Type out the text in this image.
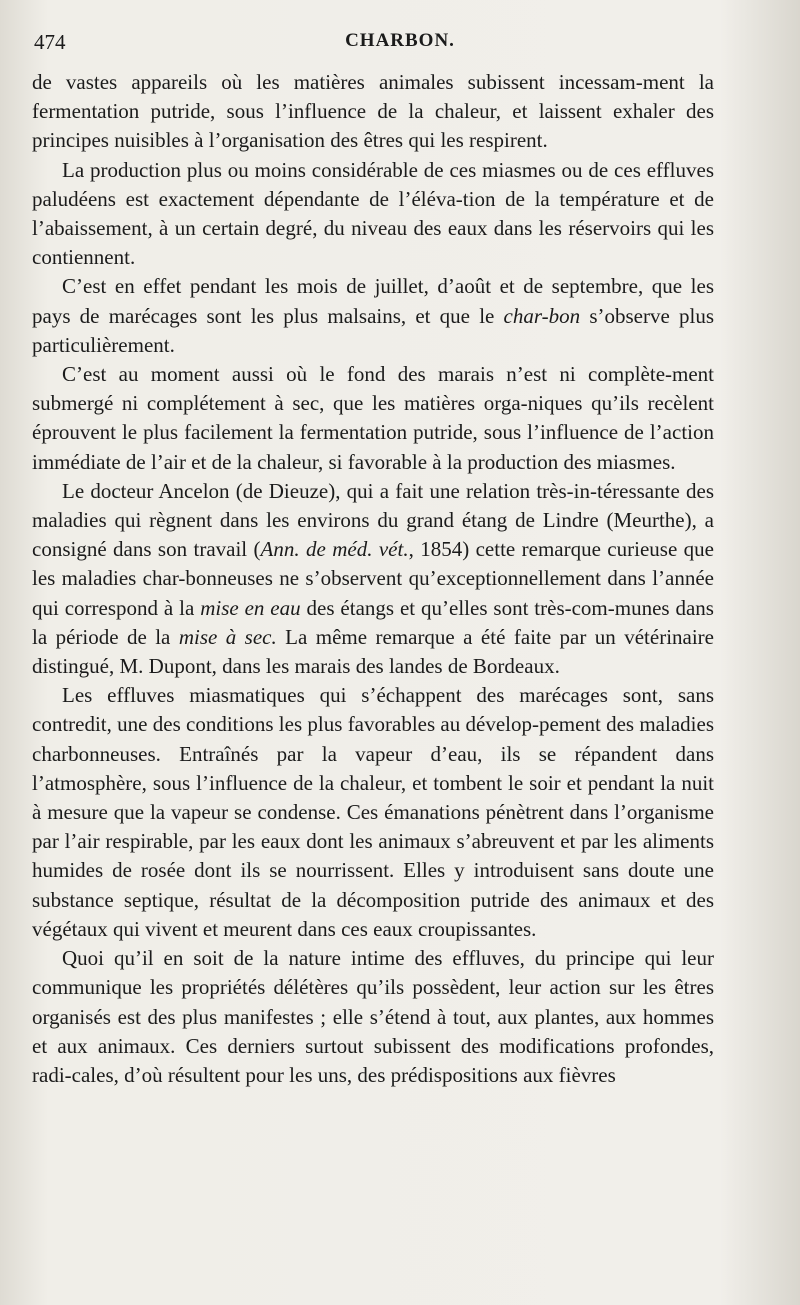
474	CHARBON.

de vastes appareils où les matières animales subissent incessam-ment la fermentation putride, sous l’influence de la chaleur, et laissent exhaler des principes nuisibles à l’organisation des êtres qui les respirent.

La production plus ou moins considérable de ces miasmes ou de ces effluves paludéens est exactement dépendante de l’éléva-tion de la température et de l’abaissement, à un certain degré, du niveau des eaux dans les réservoirs qui les contiennent.

C’est en effet pendant les mois de juillet, d’août et de septembre, que les pays de marécages sont les plus malsains, et que le char-bon s’observe plus particulièrement.

C’est au moment aussi où le fond des marais n’est ni complète-ment submergé ni complétement à sec, que les matières orga-niques qu’ils recèlent éprouvent le plus facilement la fermentation putride, sous l’influence de l’action immédiate de l’air et de la chaleur, si favorable à la production des miasmes.

Le docteur Ancelon (de Dieuze), qui a fait une relation très-in-téressante des maladies qui règnent dans les environs du grand étang de Lindre (Meurthe), a consigné dans son travail (Ann. de méd. vét., 1854) cette remarque curieuse que les maladies char-bonneuses ne s’observent qu’exceptionnellement dans l’année qui correspond à la mise en eau des étangs et qu’elles sont très-com-munes dans la période de la mise à sec. La même remarque a été faite par un vétérinaire distingué, M. Dupont, dans les marais des landes de Bordeaux.

Les effluves miasmatiques qui s’échappent des marécages sont, sans contredit, une des conditions les plus favorables au dévelop-pement des maladies charbonneuses. Entraînés par la vapeur d’eau, ils se répandent dans l’atmosphère, sous l’influence de la chaleur, et tombent le soir et pendant la nuit à mesure que la vapeur se condense. Ces émanations pénètrent dans l’organisme par l’air respirable, par les eaux dont les animaux s’abreuvent et par les aliments humides de rosée dont ils se nourrissent. Elles y introduisent sans doute une substance septique, résultat de la décomposition putride des animaux et des végétaux qui vivent et meurent dans ces eaux croupissantes.

Quoi qu’il en soit de la nature intime des effluves, du principe qui leur communique les propriétés délétères qu’ils possèdent, leur action sur les êtres organisés est des plus manifestes ; elle s’étend à tout, aux plantes, aux hommes et aux animaux. Ces derniers surtout subissent des modifications profondes, radi-cales, d’où résultent pour les uns, des prédispositions aux fièvres
